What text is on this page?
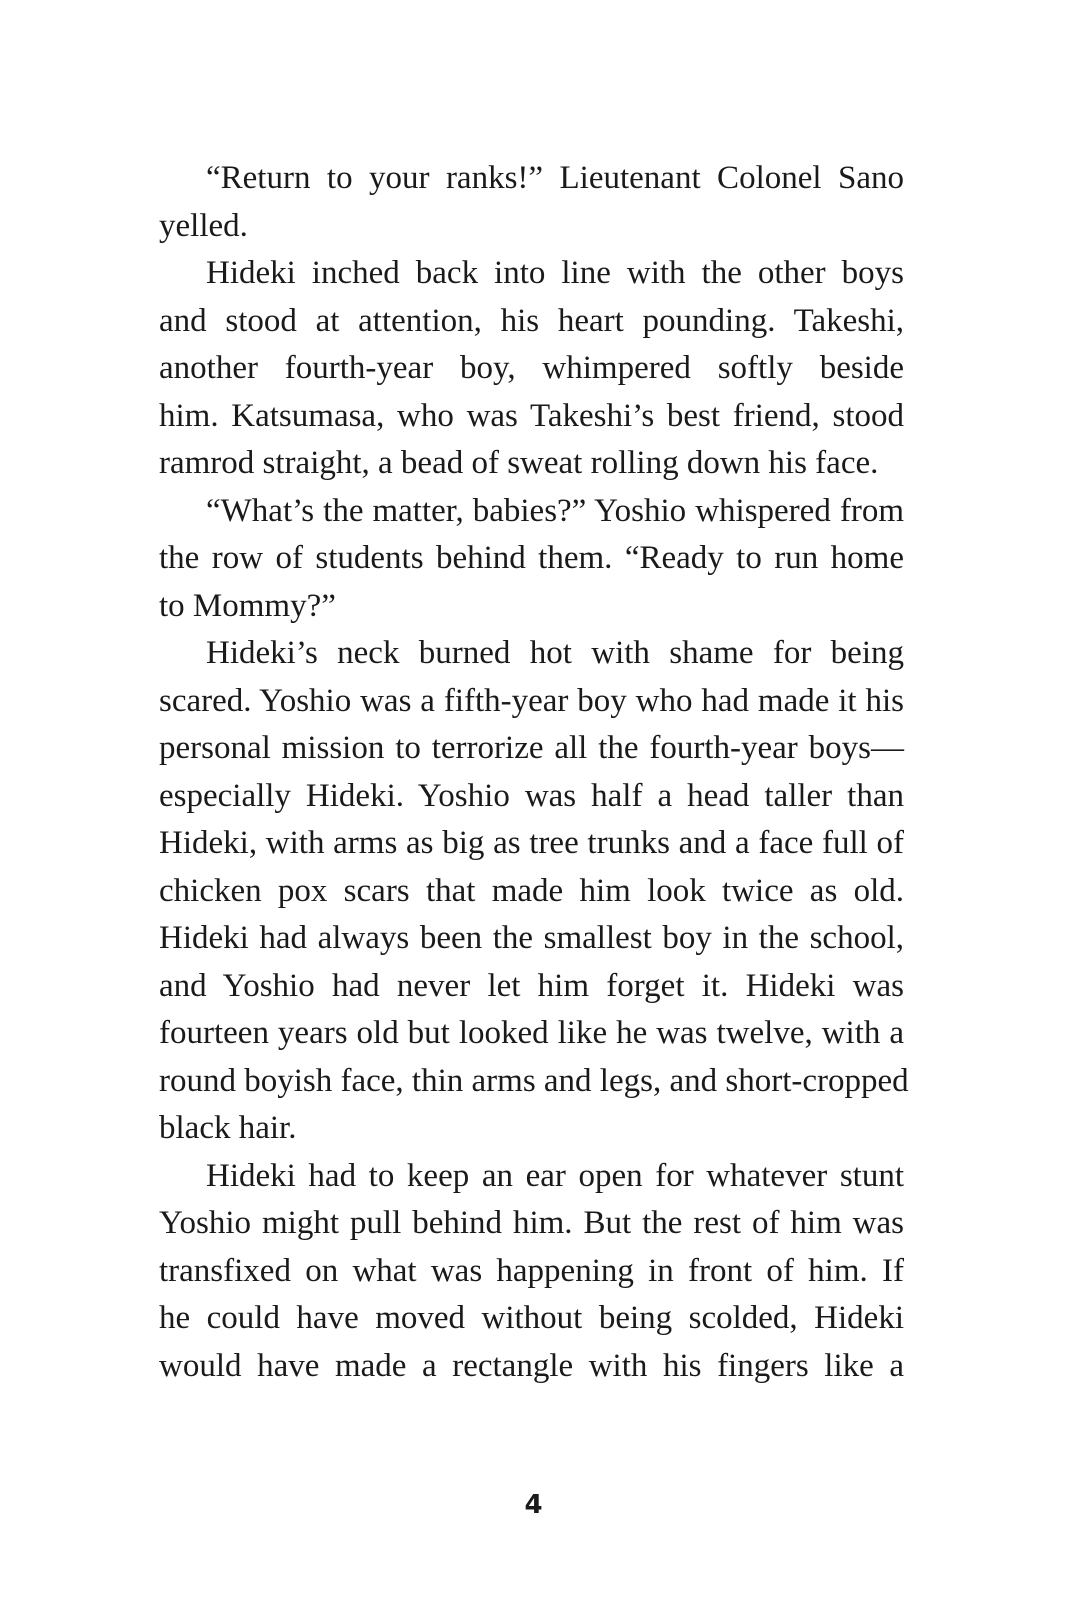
“Return to your ranks!” Lieutenant Colonel Sano
yelled.
Hideki inched back into line with the other boys
and stood at attention, his heart pounding. Takeshi,
another fourth-year boy, whimpered softly beside
him. Katsumasa, who was Takeshi’s best friend, stood
ramrod straight, a bead of sweat rolling down his face.
“What’s the matter, babies?” Yoshio whispered from
the row of students behind them. “Ready to run home
to Mommy?”
Hideki’s neck burned hot with shame for being
scared. Yoshio was a fifth-year boy who had made it his
personal mission to terrorize all the fourth-year boys—
especially Hideki. Yoshio was half a head taller than
Hideki, with arms as big as tree trunks and a face full of
chicken pox scars that made him look twice as old.
Hideki had always been the smallest boy in the school,
and Yoshio had never let him forget it. Hideki was
fourteen years old but looked like he was twelve, with a
round boyish face, thin arms and legs, and short-cropped
black hair.
Hideki had to keep an ear open for whatever stunt
Yoshio might pull behind him. But the rest of him was
transfixed on what was happening in front of him. If
he could have moved without being scolded, Hideki
would have made a rectangle with his fingers like a
4
